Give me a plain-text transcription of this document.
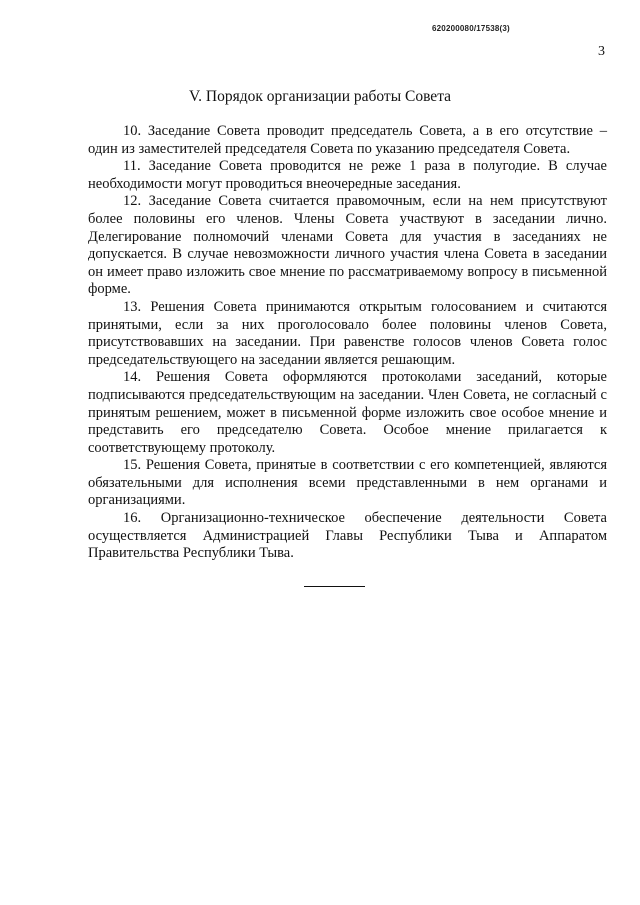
620200080/17538(3)
3
V. Порядок организации работы Совета

10. Заседание Совета проводит председатель Совета, а в его отсутствие – один из заместителей председателя Совета по указанию председателя Совета.

11. Заседание Совета проводится не реже 1 раза в полугодие. В случае необходимости могут проводиться внеочередные заседания.

12. Заседание Совета считается правомочным, если на нем присутствуют более половины его членов. Члены Совета участвуют в заседании лично. Делегирование полномочий членами Совета для участия в заседаниях не допускается. В случае невозможности личного участия члена Совета в заседании он имеет право изложить свое мнение по рассматриваемому вопросу в письменной форме.

13. Решения Совета принимаются открытым голосованием и считаются принятыми, если за них проголосовало более половины членов Совета, присутствовавших на заседании. При равенстве голосов членов Совета голос председательствующего на заседании является решающим.

14. Решения Совета оформляются протоколами заседаний, которые подписываются председательствующим на заседании. Член Совета, не согласный с принятым решением, может в письменной форме изложить свое особое мнение и представить его председателю Совета. Особое мнение прилагается к соответствующему протоколу.

15. Решения Совета, принятые в соответствии с его компетенцией, являются обязательными для исполнения всеми представленными в нем органами и организациями.

16. Организационно-техническое обеспечение деятельности Совета осуществляется Администрацией Главы Республики Тыва и Аппаратом Правительства Республики Тыва.
